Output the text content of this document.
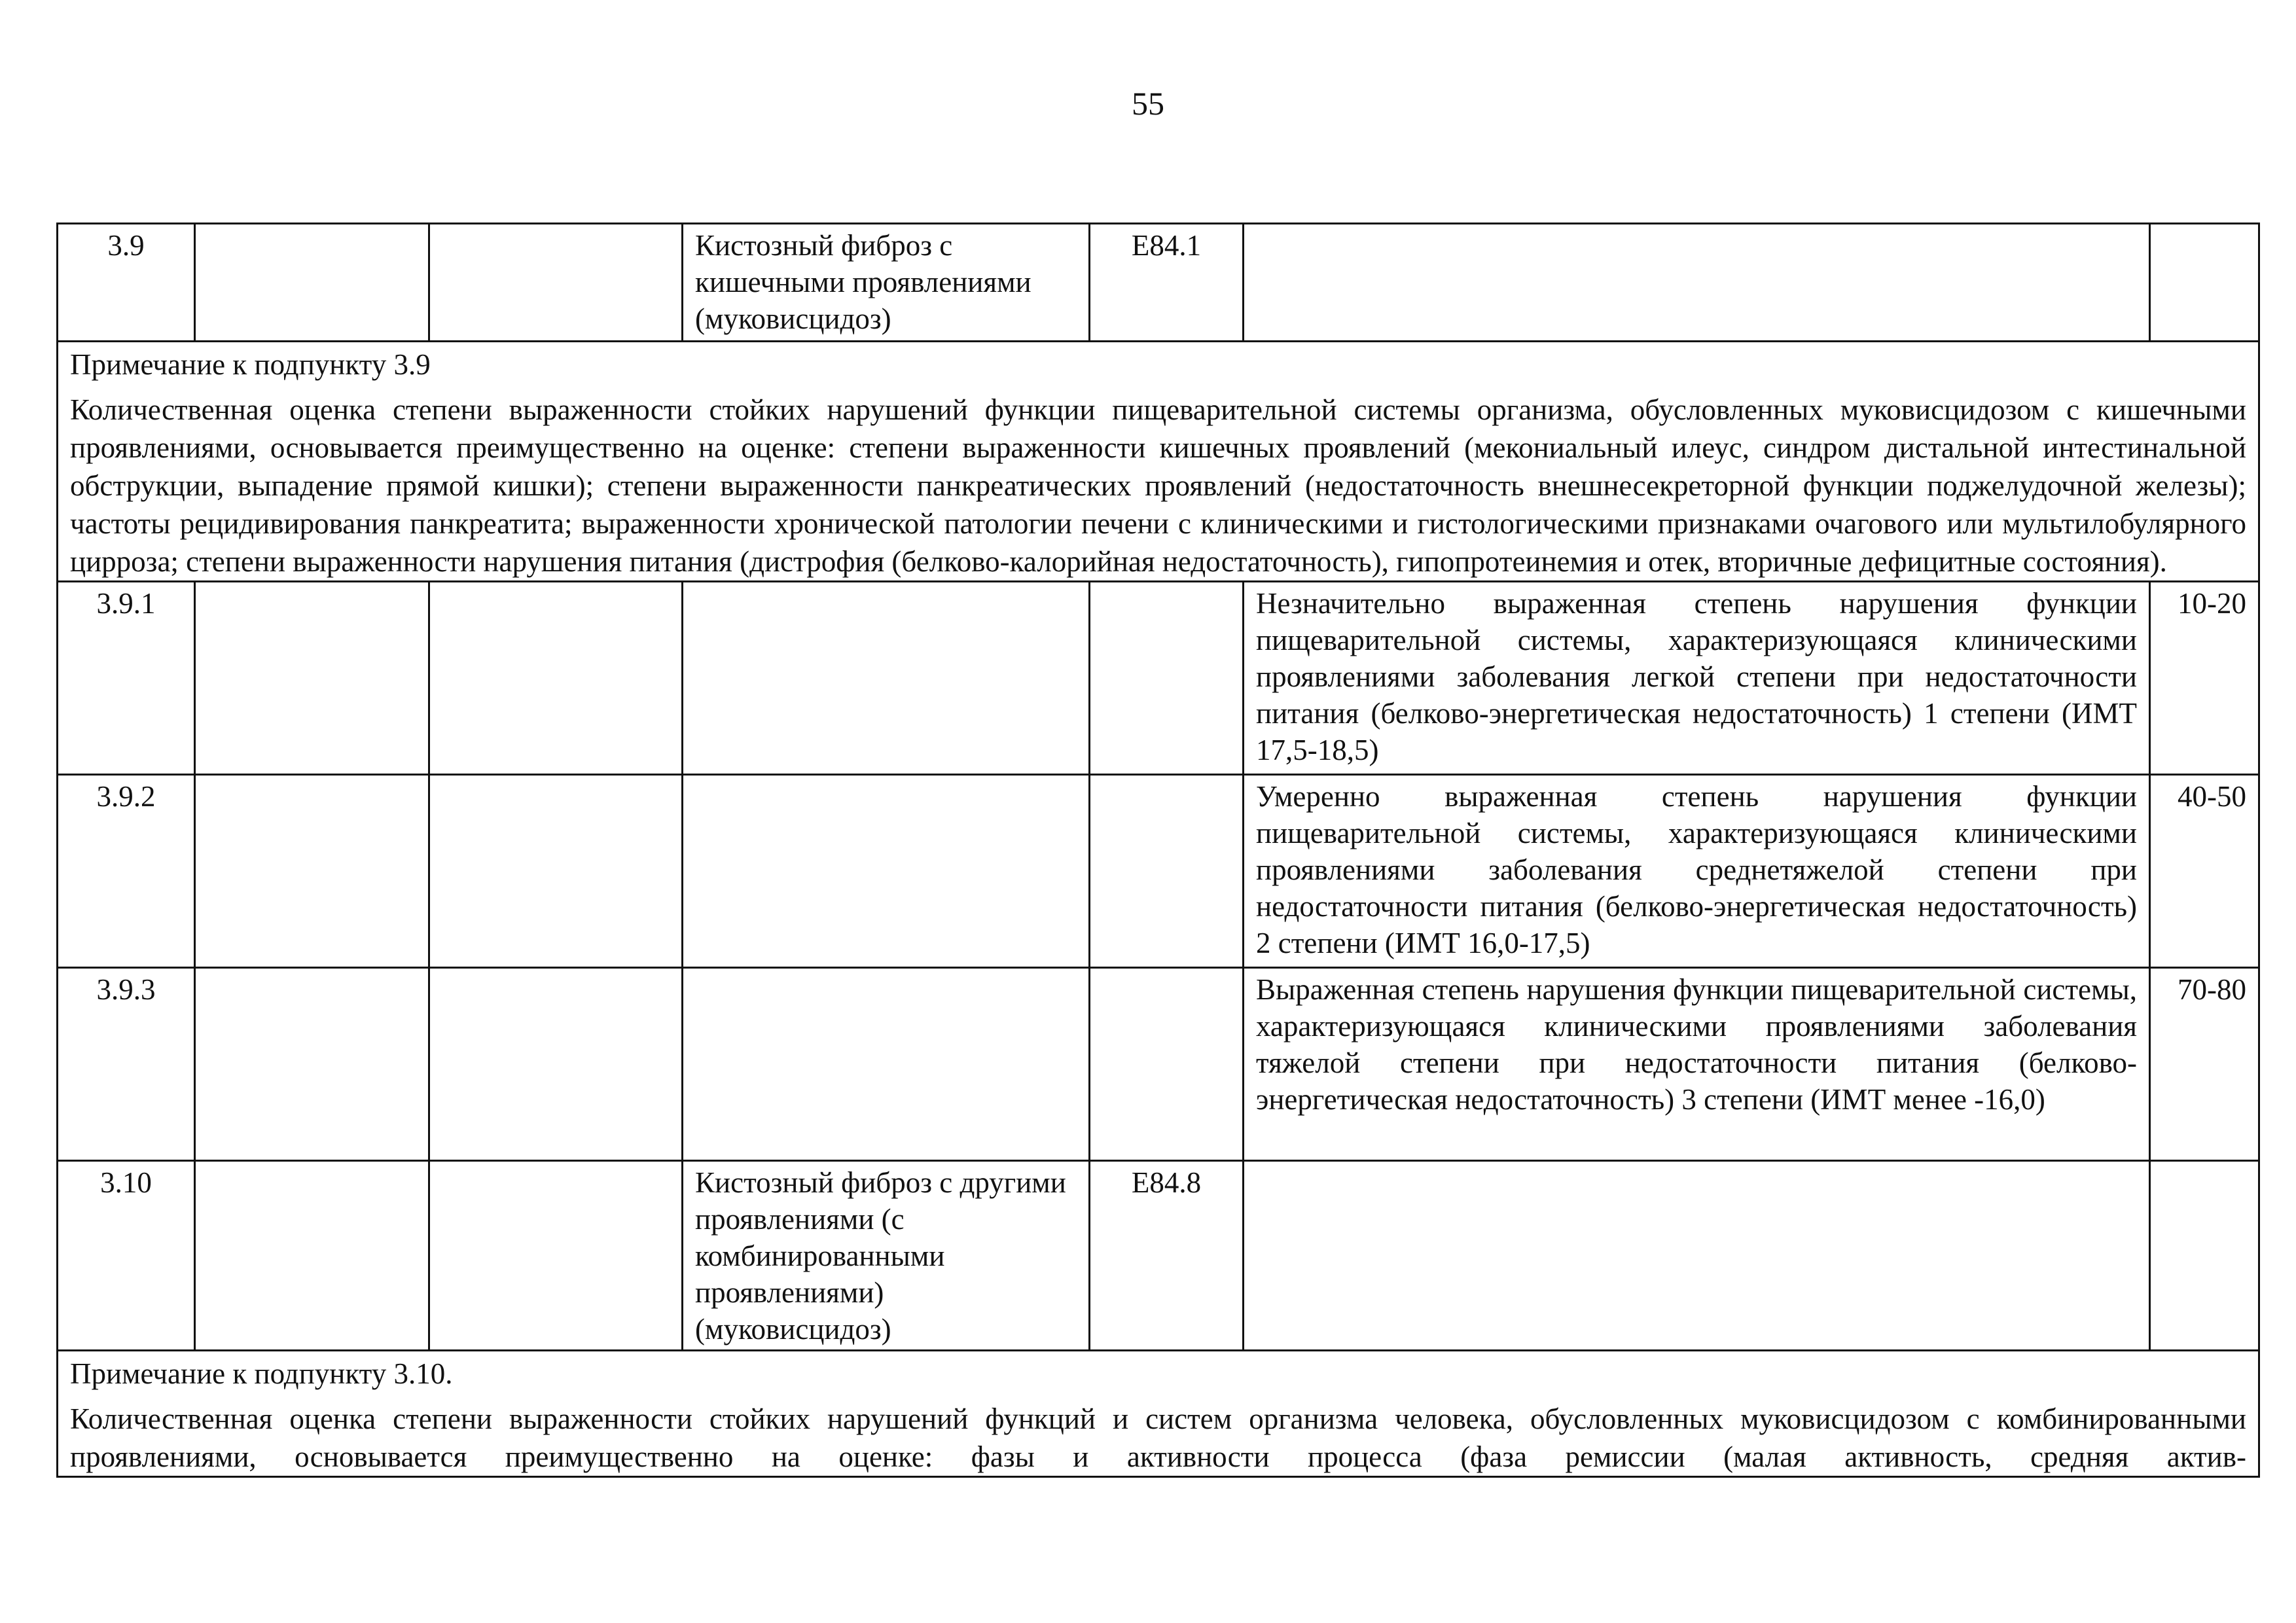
55
3.9			Кистозный фиброз с кишечными проявлениями (муковисцидоз)	E84.1		

Примечание к подпункту 3.9
Количественная оценка степени выраженности стойких нарушений функции пищеварительной системы организма, обусловленных муковисцидозом с кишечными проявлениями, основывается преимущественно на оценке: степени выраженности кишечных проявлений (мекониальный илеус, синдром дистальной интестинальной обструкции, выпадение прямой кишки); степени выраженности панкреатических проявлений (недостаточность внешнесекреторной функции поджелудочной железы); частоты рецидивирования панкреатита; выраженности хронической патологии печени с клиническими и гистологическими признаками очагового или мультилобулярного цирроза; степени выраженности нарушения питания (дистрофия (белково-калорийная недостаточность), гипопротеинемия и отек, вторичные дефицитные состояния).						

3.9.1					Незначительно выраженная степень нарушения функции пищеварительной системы, характеризующаяся клиническими проявлениями заболевания легкой степени при недостаточности питания (белково-энергетическая недостаточность) 1 степени (ИМТ 17,5-18,5)	10-20
3.9.2					Умеренно выраженная степень нарушения функции пищеварительной системы, характеризующаяся клиническими проявлениями заболевания среднетяжелой степени при недостаточности питания (белково-энергетическая недостаточность) 2 степени (ИМТ 16,0-17,5)	40-50
3.9.3					Выраженная степень нарушения функции пищеварительной системы, характеризующаяся клиническими проявлениями заболевания тяжелой степени при недостаточности питания (белково-энергетическая недостаточность) 3 степени (ИМТ менее -16,0)	70-80
3.10			Кистозный фиброз с другими проявлениями (с комбинированными проявлениями) (муковисцидоз)	E84.8		

Примечание к подпункту 3.10.
Количественная оценка степени выраженности стойких нарушений функций и систем организма человека, обусловленных муковисцидозом с комбинированными проявлениями, основывается преимущественно на оценке: фазы и активности процесса (фаза ремиссии (малая активность, средняя актив-						
